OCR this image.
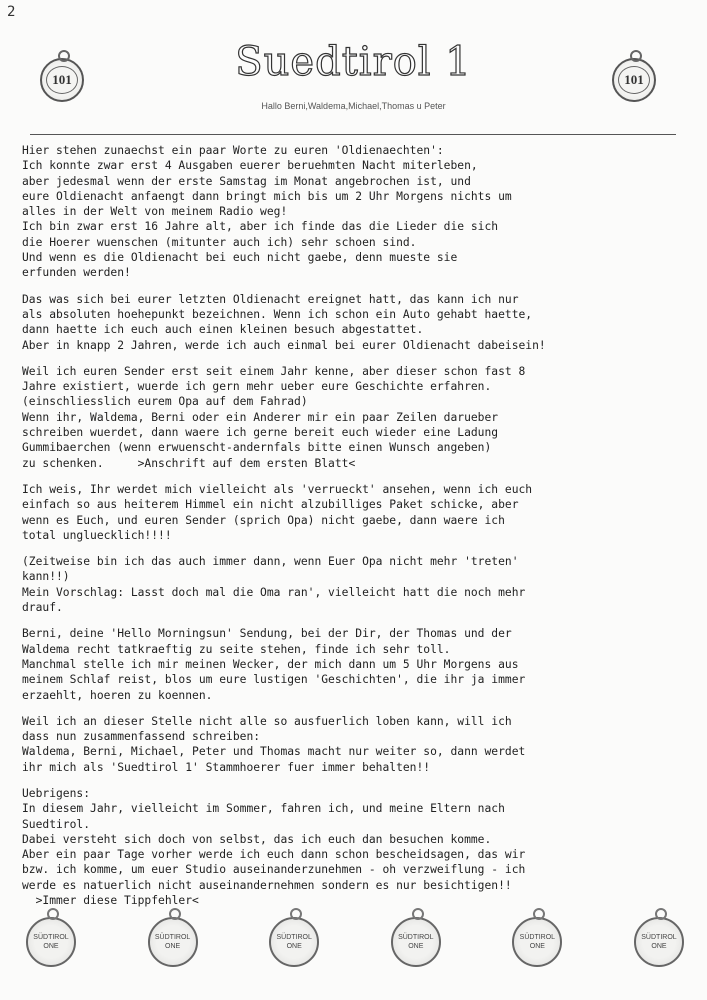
2
101	101
Suedtirol 1
Hallo Berni,Waldema,Michael,Thomas u Peter
Hier stehen zunaechst ein paar Worte zu euren 'Oldienaechten':
Ich konnte zwar erst 4 Ausgaben euerer beruehmten Nacht miterleben,
aber jedesmal wenn der erste Samstag im Monat angebrochen ist, und
eure Oldienacht anfaengt dann bringt mich bis um 2 Uhr Morgens nichts um
alles in der Welt von meinem Radio weg!
Ich bin zwar erst 16 Jahre alt, aber ich finde das die Lieder die sich
die Hoerer wuenschen (mitunter auch ich) sehr schoen sind.
Und wenn es die Oldienacht bei euch nicht gaebe, denn mueste sie
erfunden werden!
Das was sich bei eurer letzten Oldienacht ereignet hatt, das kann ich nur
als absoluten hoehepunkt bezeichnen. Wenn ich schon ein Auto gehabt haette,
dann haette ich euch auch einen kleinen besuch abgestattet.
Aber in knapp 2 Jahren, werde ich auch einmal bei eurer Oldienacht dabeisein!
Weil ich euren Sender erst seit einem Jahr kenne, aber dieser schon fast 8
Jahre existiert, wuerde ich gern mehr ueber eure Geschichte erfahren.
(einschliesslich eurem Opa auf dem Fahrad)
Wenn ihr, Waldema, Berni oder ein Anderer mir ein paar Zeilen darueber
schreiben wuerdet, dann waere ich gerne bereit euch wieder eine Ladung
Gummibaerchen (wenn erwuenscht-andernfals bitte einen Wunsch angeben)
zu schenken.     >Anschrift auf dem ersten Blatt<
Ich weis, Ihr werdet mich vielleicht als 'verrueckt' ansehen, wenn ich euch
einfach so aus heiterem Himmel ein nicht alzubilliges Paket schicke, aber
wenn es Euch, und euren Sender (sprich Opa) nicht gaebe, dann waere ich
total ungluecklich!!!!
(Zeitweise bin ich das auch immer dann, wenn Euer Opa nicht mehr 'treten'
kann!!)
Mein Vorschlag: Lasst doch mal die Oma ran', vielleicht hatt die noch mehr
drauf.
Berni, deine 'Hello Morningsun' Sendung, bei der Dir, der Thomas und der
Waldema recht tatkraeftig zu seite stehen, finde ich sehr toll.
Manchmal stelle ich mir meinen Wecker, der mich dann um 5 Uhr Morgens aus
meinem Schlaf reist, blos um eure lustigen 'Geschichten', die ihr ja immer
erzaehlt, hoeren zu koennen.
Weil ich an dieser Stelle nicht alle so ausfuerlich loben kann, will ich
dass nun zusammenfassend schreiben:
Waldema, Berni, Michael, Peter und Thomas macht nur weiter so, dann werdet
ihr mich als 'Suedtirol 1' Stammhoerer fuer immer behalten!!
Uebrigens:
In diesem Jahr, vielleicht im Sommer, fahren ich, und meine Eltern nach
Suedtirol.
Dabei versteht sich doch von selbst, das ich euch dan besuchen komme.
Aber ein paar Tage vorher werde ich euch dann schon bescheidsagen, das wir
bzw. ich komme, um euer Studio auseinanderzunehmen - oh verzweiflung - ich
werde es natuerlich nicht auseinandernehmen sondern es nur besichtigen!!
>Immer diese Tippfehler<
SÜDTIROL
ONE
SÜDTIROL
ONE
SÜDTIROL
ONE
SÜDTIROL
ONE
SÜDTIROL
ONE
SÜDTIROL
ONE
